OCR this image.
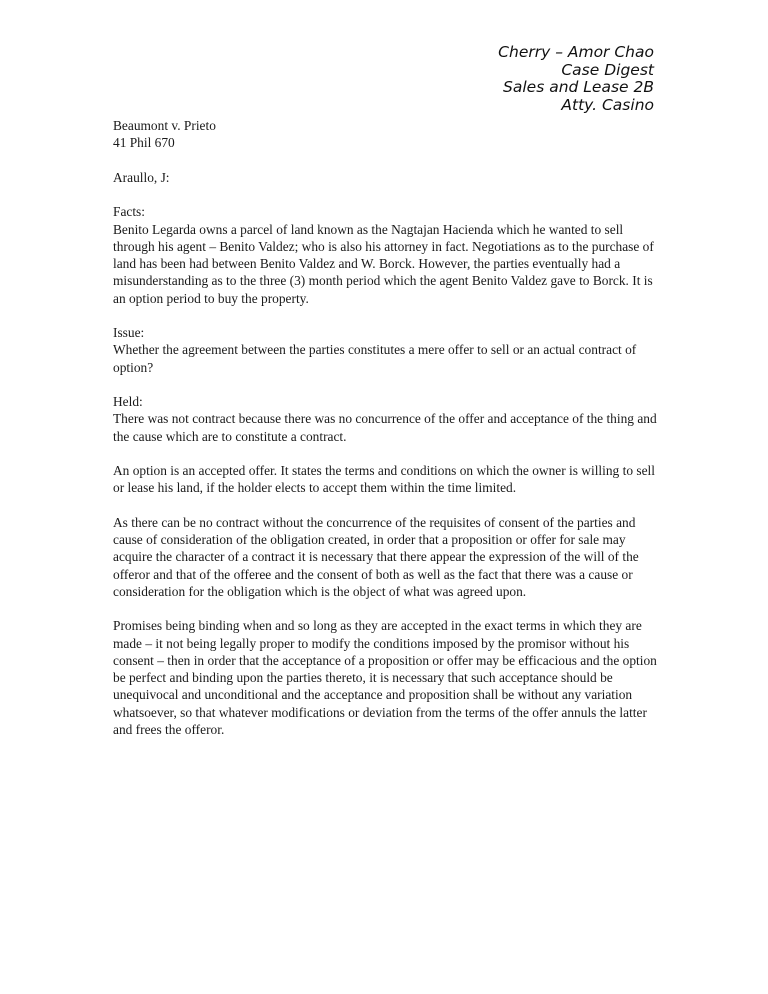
Cherry – Amor Chao
Case Digest
Sales and Lease 2B
Atty. Casino

Beaumont v. Prieto
41 Phil 670

Araullo, J:

Facts:
Benito Legarda owns a parcel of land known as the Nagtajan Hacienda which he wanted to sell through his agent – Benito Valdez; who is also his attorney in fact. Negotiations as to the purchase of land has been had between Benito Valdez and W. Borck. However, the parties eventually had a misunderstanding as to the three (3) month period which the agent Benito Valdez gave to Borck. It is an option period to buy the property.

Issue:
Whether the agreement between the parties constitutes a mere offer to sell or an actual contract of option?

Held:
There was not contract because there was no concurrence of the offer and acceptance of the thing and the cause which are to constitute a contract.

An option is an accepted offer. It states the terms and conditions on which the owner is willing to sell or lease his land, if the holder elects to accept them within the time limited.

As there can be no contract without the concurrence of the requisites of consent of the parties and cause of consideration of the obligation created, in order that a proposition or offer for sale may acquire the character of a contract it is necessary that there appear the expression of the will of the offeror and that of the offeree and the consent of both as well as the fact that there was a cause or consideration for the obligation which is the object of what was agreed upon.

Promises being binding when and so long as they are accepted in the exact terms in which they are made – it not being legally proper to modify the conditions imposed by the promisor without his consent – then in order that the acceptance of a proposition or offer may be efficacious and the option be perfect and binding upon the parties thereto, it is necessary that such acceptance should be unequivocal and unconditional and the acceptance and proposition shall be without any variation whatsoever, so that whatever modifications or deviation from the terms of the offer annuls the latter and frees the offeror.
